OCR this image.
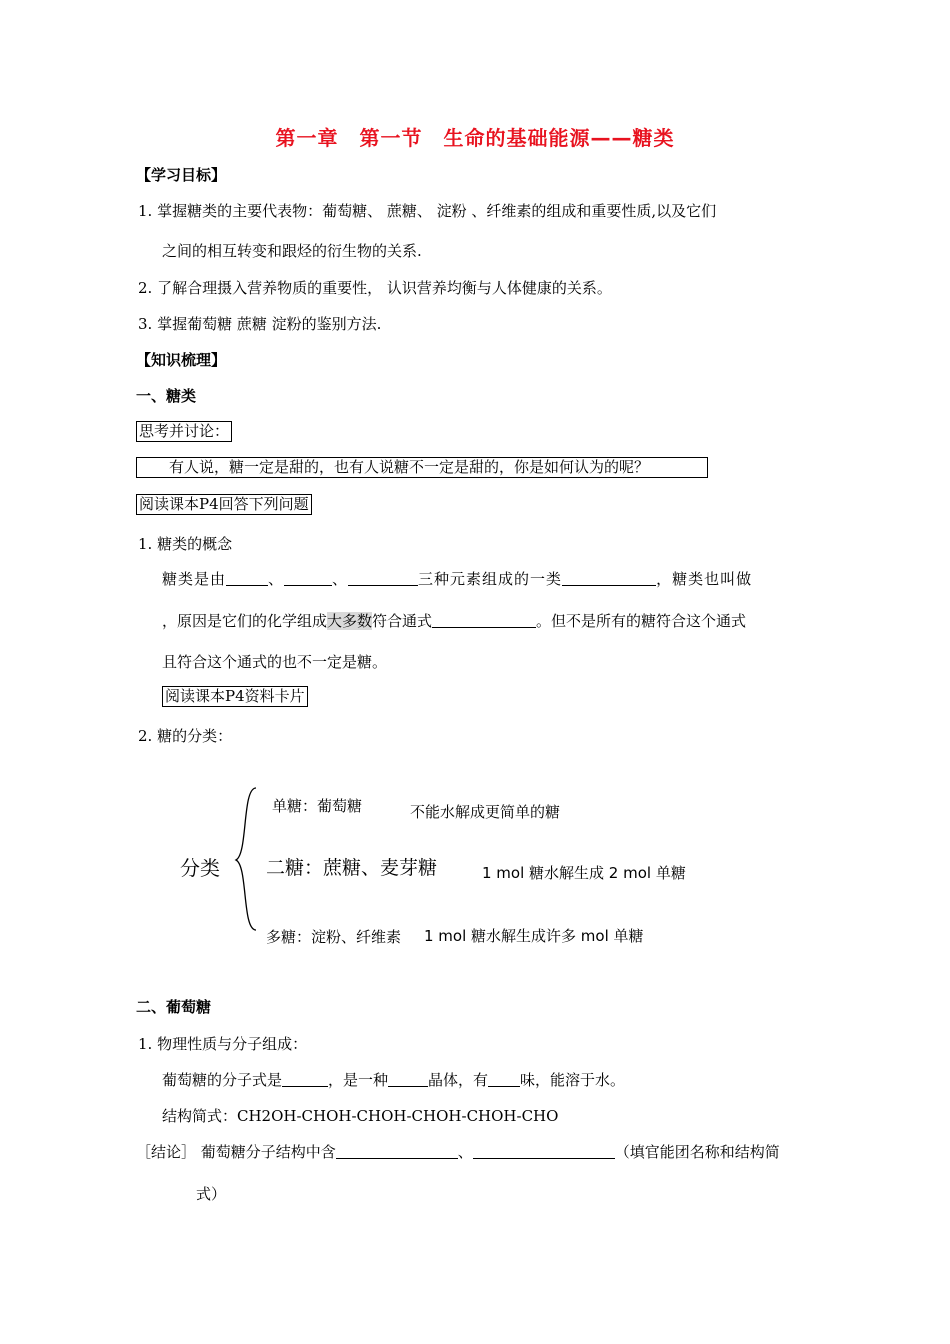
第一章　第一节　生命的基础能源——糖类
【学习目标】
1. 掌握糖类的主要代表物：葡萄糖、 蔗糖、 淀粉 、纤维素的组成和重要性质,以及它们
之间的相互转变和跟烃的衍生物的关系.
2. 了解合理摄入营养物质的重要性， 认识营养均衡与人体健康的关系。
3. 掌握葡萄糖 蔗糖 淀粉的鉴别方法.
【知识梳理】
一、糖类
思考并讨论：
　　有人说，糖一定是甜的，也有人说糖不一定是甜的，你是如何认为的呢？
阅读课本P4回答下列问题
1. 糖类的概念
糖类是由	、	、	三种元素组成的一类	，糖类也叫做
，原因是它们的化学组成大多数符合通式	。但不是所有的糖符合这个通式
且符合这个通式的也不一定是糖。
阅读课本P4资料卡片
2. 糖的分类：
分类
单糖：葡萄糖	不能水解成更简单的糖
二糖：蔗糖、麦芽糖	1 mol 糖水解生成 2 mol 单糖
多糖：淀粉、纤维素 1 mol 糖水解生成许多 mol 单糖
二、葡萄糖
1. 物理性质与分子组成：
葡萄糖的分子式是	，是一种	晶体，有 味，能溶于水。
结构简式：CH2OH-CHOH-CHOH-CHOH-CHOH-CHO
［结论］ 葡萄糖分子结构中含	、	（填官能团名称和结构简
式）
